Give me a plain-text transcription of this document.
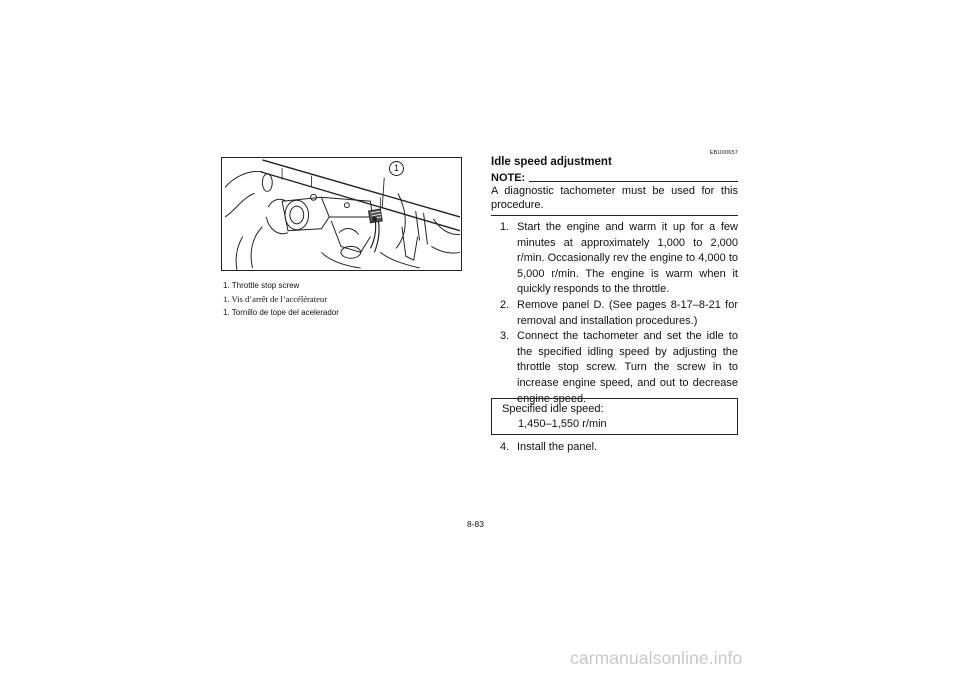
1
1. Throttle stop screw
1. Vis d’arrêt de l’accélérateur
1. Tornillo de tope del acelerador
EBU00657
Idle speed adjustment
NOTE:
A diagnostic tachometer must be used for this procedure.
1. Start the engine and warm it up for a few minutes at approximately 1,000 to 2,000 r/min. Occasionally rev the engine to 4,000 to 5,000 r/min. The engine is warm when it quickly responds to the throttle.
2. Remove panel D. (See pages 8-17–8-21 for removal and installation procedures.)
3. Connect the tachometer and set the idle to the specified idling speed by adjusting the throttle stop screw. Turn the screw in to increase engine speed, and out to decrease engine speed.
Specified idle speed:
1,450–1,550 r/min
4. Install the panel.
8-83
carmanualsonline.info
